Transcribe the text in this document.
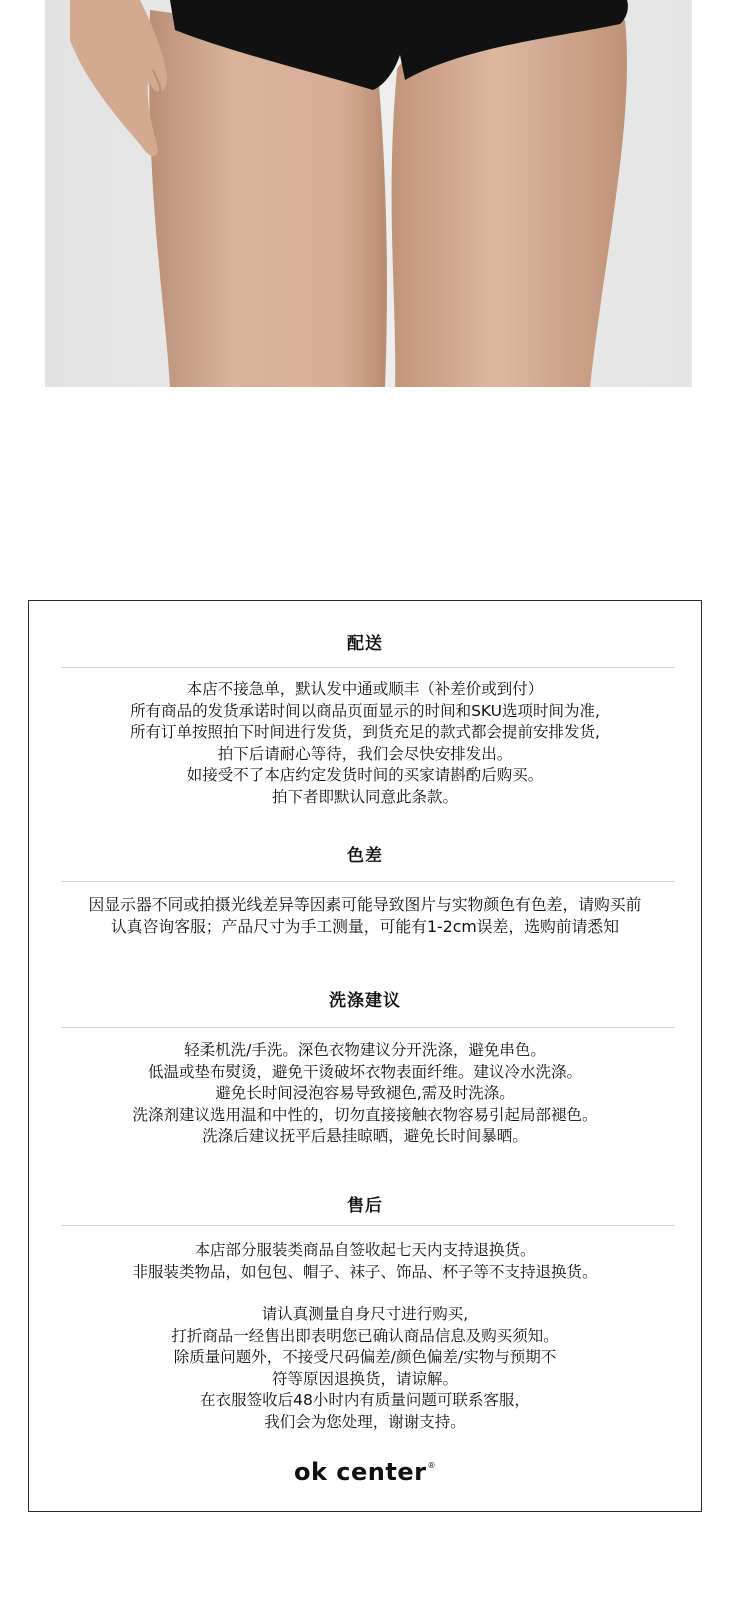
配送
本店不接急单，默认发中通或顺丰（补差价或到付）
所有商品的发货承诺时间以商品页面显示的时间和SKU选项时间为准,
所有订单按照拍下时间进行发货，到货充足的款式都会提前安排发货,
拍下后请耐心等待，我们会尽快安排发出。
如接受不了本店约定发货时间的买家请斟酌后购买。
拍下者即默认同意此条款。
色差
因显示器不同或拍摄光线差异等因素可能导致图片与实物颜色有色差，请购买前
认真咨询客服；产品尺寸为手工测量，可能有1-2cm误差，选购前请悉知
洗涤建议
轻柔机洗/手洗。深色衣物建议分开洗涤，避免串色。
低温或垫布熨烫，避免干烫破坏衣物表面纤维。建议冷水洗涤。
避免长时间浸泡容易导致褪色,需及时洗涤。
洗涤剂建议选用温和中性的，切勿直接接触衣物容易引起局部褪色。
洗涤后建议抚平后悬挂晾晒，避免长时间暴晒。
售后
本店部分服装类商品自签收起七天内支持退换货。
非服装类物品，如包包、帽子、袜子、饰品、杯子等不支持退换货。
请认真测量自身尺寸进行购买,
打折商品一经售出即表明您已确认商品信息及购买须知。
除质量问题外，不接受尺码偏差/颜色偏差/实物与预期不
符等原因退换货，请谅解。
在衣服签收后48小时内有质量问题可联系客服，
我们会为您处理，谢谢支持。
ok center®
